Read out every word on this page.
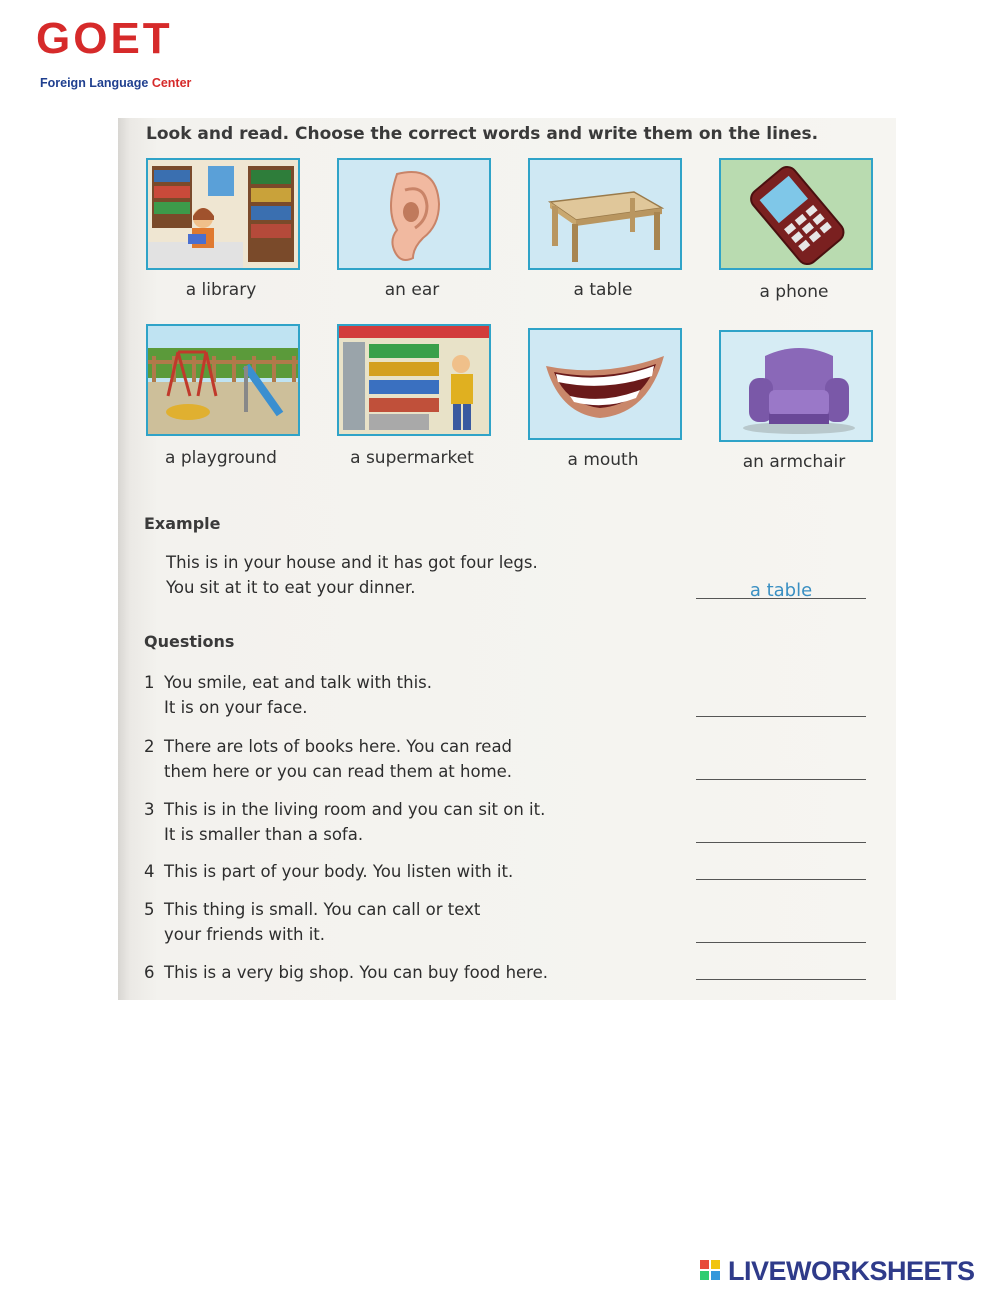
GOET
Foreign Language Center
Look and read. Choose the correct words and write them on the lines.
a library	an ear	a table	a phone
a playground	a supermarket	a mouth	an armchair
Example
This is in your house and it has got four legs.
You sit at it to eat your dinner.	a table
Questions
1 You smile, eat and talk with this.
It is on your face.
2 There are lots of books here. You can read
them here or you can read them at home.
3 This is in the living room and you can sit on it.
It is smaller than a sofa.
4 This is part of your body. You listen with it.
5 This thing is small. You can call or text
your friends with it.
6 This is a very big shop. You can buy food here.
LIVEWORKSHEETS
